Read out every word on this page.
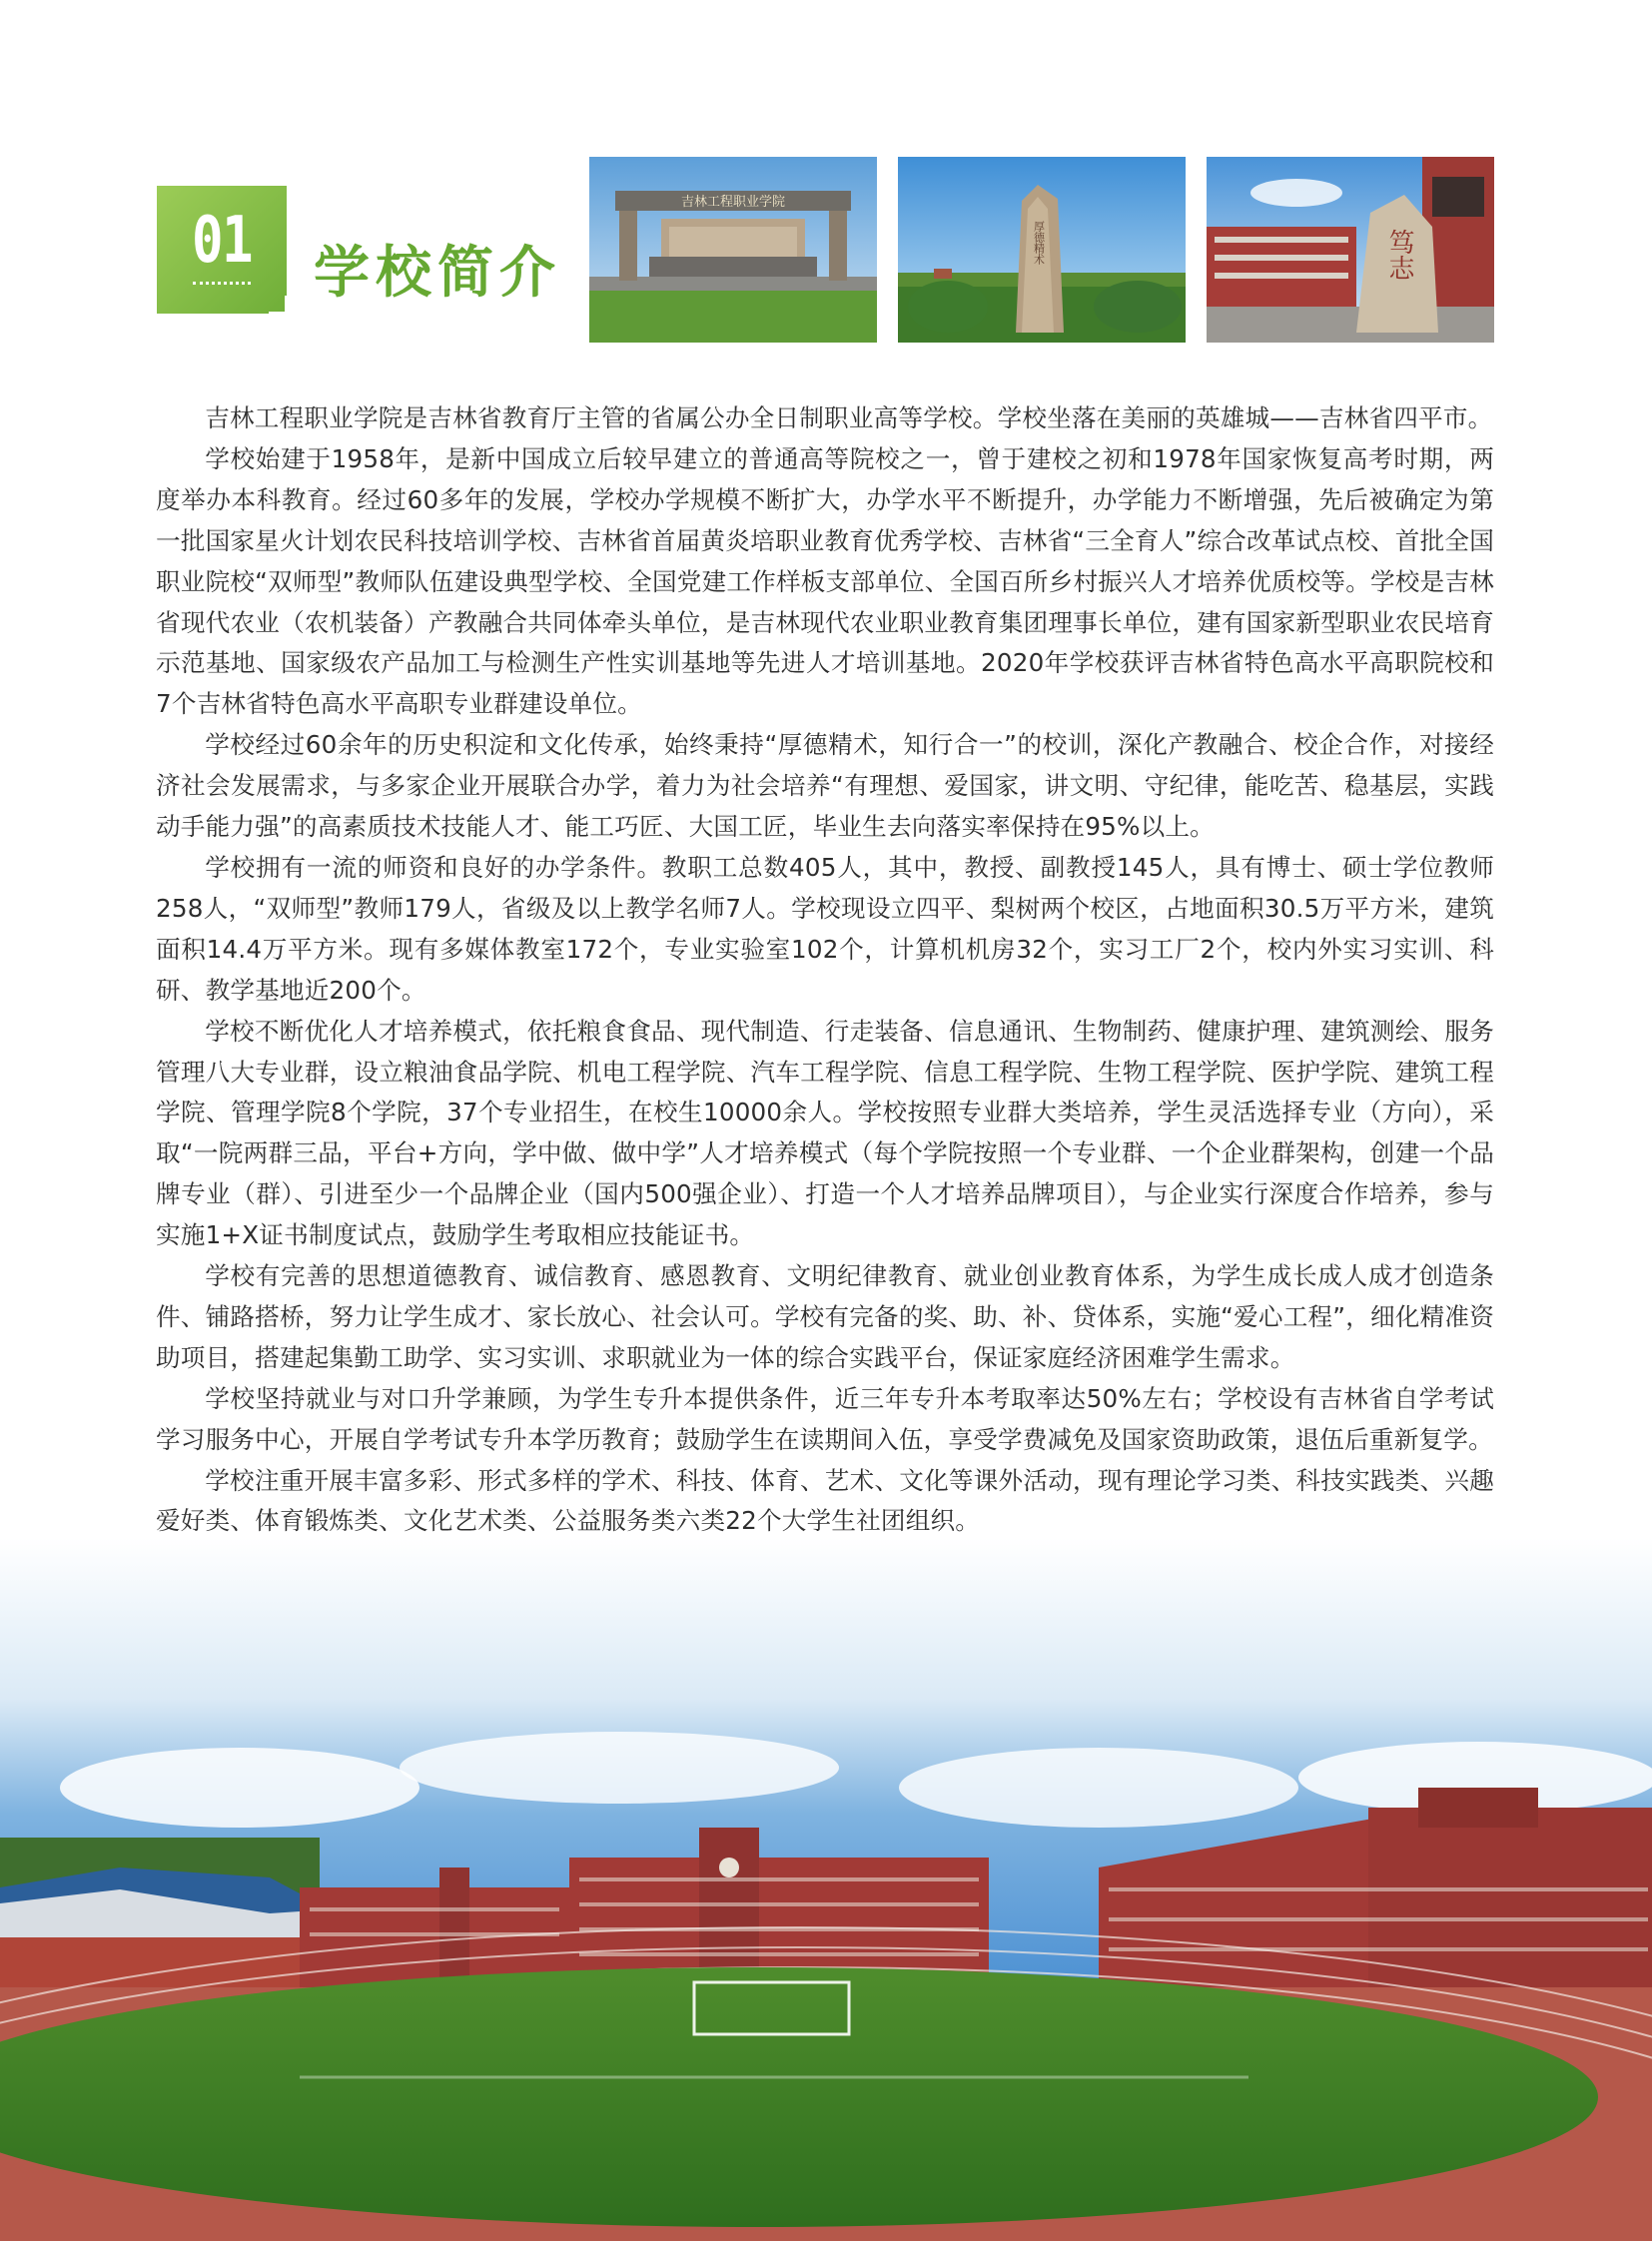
01	学校简介
吉林工程职业学院
厚德精术	笃志

吉林工程职业学院是吉林省教育厅主管的省属公办全日制职业高等学校。学校坐落在美丽的英雄城——吉林省四平市。

学校始建于1958年，是新中国成立后较早建立的普通高等院校之一，曾于建校之初和1978年国家恢复高考时期，两度举办本科教育。经过60多年的发展，学校办学规模不断扩大，办学水平不断提升，办学能力不断增强，先后被确定为第一批国家星火计划农民科技培训学校、吉林省首届黄炎培职业教育优秀学校、吉林省“三全育人”综合改革试点校、首批全国职业院校“双师型”教师队伍建设典型学校、全国党建工作样板支部单位、全国百所乡村振兴人才培养优质校等。学校是吉林省现代农业（农机装备）产教融合共同体牵头单位，是吉林现代农业职业教育集团理事长单位，建有国家新型职业农民培育示范基地、国家级农产品加工与检测生产性实训基地等先进人才培训基地。2020年学校获评吉林省特色高水平高职院校和7个吉林省特色高水平高职专业群建设单位。

学校经过60余年的历史积淀和文化传承，始终秉持“厚德精术，知行合一”的校训，深化产教融合、校企合作，对接经济社会发展需求，与多家企业开展联合办学，着力为社会培养“有理想、爱国家，讲文明、守纪律，能吃苦、稳基层，实践动手能力强”的高素质技术技能人才、能工巧匠、大国工匠，毕业生去向落实率保持在95%以上。

学校拥有一流的师资和良好的办学条件。教职工总数405人，其中，教授、副教授145人，具有博士、硕士学位教师258人，“双师型”教师179人，省级及以上教学名师7人。学校现设立四平、梨树两个校区，占地面积30.5万平方米，建筑面积14.4万平方米。现有多媒体教室172个，专业实验室102个，计算机机房32个，实习工厂2个，校内外实习实训、科研、教学基地近200个。

学校不断优化人才培养模式，依托粮食食品、现代制造、行走装备、信息通讯、生物制药、健康护理、建筑测绘、服务管理八大专业群，设立粮油食品学院、机电工程学院、汽车工程学院、信息工程学院、生物工程学院、医护学院、建筑工程学院、管理学院8个学院，37个专业招生，在校生10000余人。学校按照专业群大类培养，学生灵活选择专业（方向），采取“一院两群三品，平台+方向，学中做、做中学”人才培养模式（每个学院按照一个专业群、一个企业群架构，创建一个品牌专业（群）、引进至少一个品牌企业（国内500强企业）、打造一个人才培养品牌项目），与企业实行深度合作培养，参与实施1+X证书制度试点，鼓励学生考取相应技能证书。

学校有完善的思想道德教育、诚信教育、感恩教育、文明纪律教育、就业创业教育体系，为学生成长成人成才创造条件、铺路搭桥，努力让学生成才、家长放心、社会认可。学校有完备的奖、助、补、贷体系，实施“爱心工程”，细化精准资助项目，搭建起集勤工助学、实习实训、求职就业为一体的综合实践平台，保证家庭经济困难学生需求。

学校坚持就业与对口升学兼顾，为学生专升本提供条件，近三年专升本考取率达50%左右；学校设有吉林省自学考试学习服务中心，开展自学考试专升本学历教育；鼓励学生在读期间入伍，享受学费减免及国家资助政策，退伍后重新复学。

学校注重开展丰富多彩、形式多样的学术、科技、体育、艺术、文化等课外活动，现有理论学习类、科技实践类、兴趣爱好类、体育锻炼类、文化艺术类、公益服务类六类22个大学生社团组织。
